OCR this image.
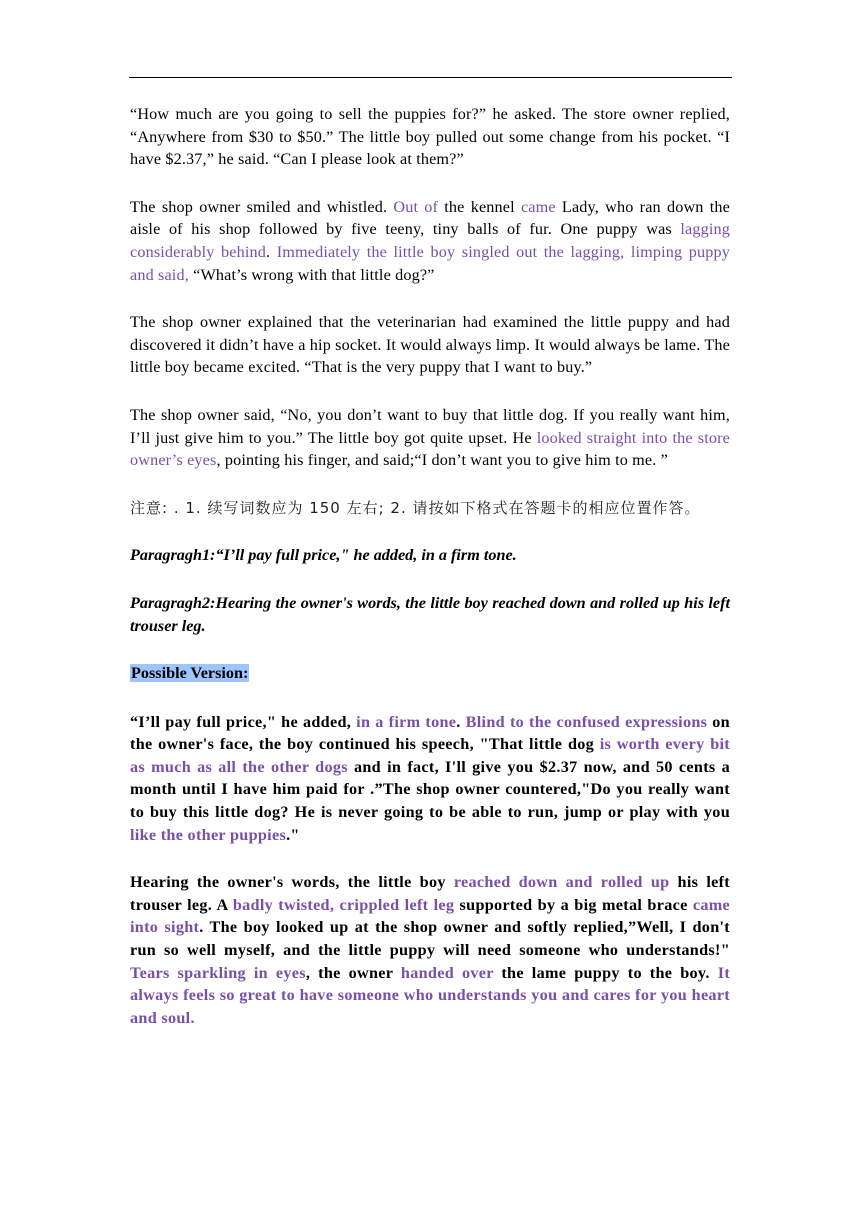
“How much are you going to sell the puppies for?” he asked. The store owner replied, “Anywhere from $30 to $50.” The little boy pulled out some change from his pocket. “I have $2.37,” he said. “Can I please look at them?”

The shop owner smiled and whistled. Out of the kennel came Lady, who ran down the aisle of his shop followed by five teeny, tiny balls of fur. One puppy was lagging considerably behind. Immediately the little boy singled out the lagging, limping puppy and said, “What’s wrong with that little dog?”

The shop owner explained that the veterinarian had examined the little puppy and had discovered it didn’t have a hip socket. It would always limp. It would always be lame. The little boy became excited. “That is the very puppy that I want to buy.”

The shop owner said, “No, you don’t want to buy that little dog. If you really want him, I’ll just give him to you.” The little boy got quite upset. He looked straight into the store owner’s eyes, pointing his finger, and said;“I don’t want you to give him to me. ”

注意: . 1. 续写词数应为 150 左右; 2. 请按如下格式在答题卡的相应位置作答。

Paragragh1:“I’ll pay full price," he added, in a firm tone.

Paragragh2:Hearing the owner's words, the little boy reached down and rolled up his left trouser leg.

Possible Version:

“I’ll pay full price," he added, in a firm tone. Blind to the confused expressions on the owner's face, the boy continued his speech, "That little dog is worth every bit as much as all the other dogs and in fact, I'll give you $2.37 now, and 50 cents a month until I have him paid for .”The shop owner countered,"Do you really want to buy this little dog? He is never going to be able to run, jump or play with you like the other puppies."

Hearing the owner's words, the little boy reached down and rolled up his left trouser leg. A badly twisted, crippled left leg supported by a big metal brace came into sight. The boy looked up at the shop owner and softly replied,”Well, I don't run so well myself, and the little puppy will need someone who understands!" Tears sparkling in eyes, the owner handed over the lame puppy to the boy. It always feels so great to have someone who understands you and cares for you heart and soul.
